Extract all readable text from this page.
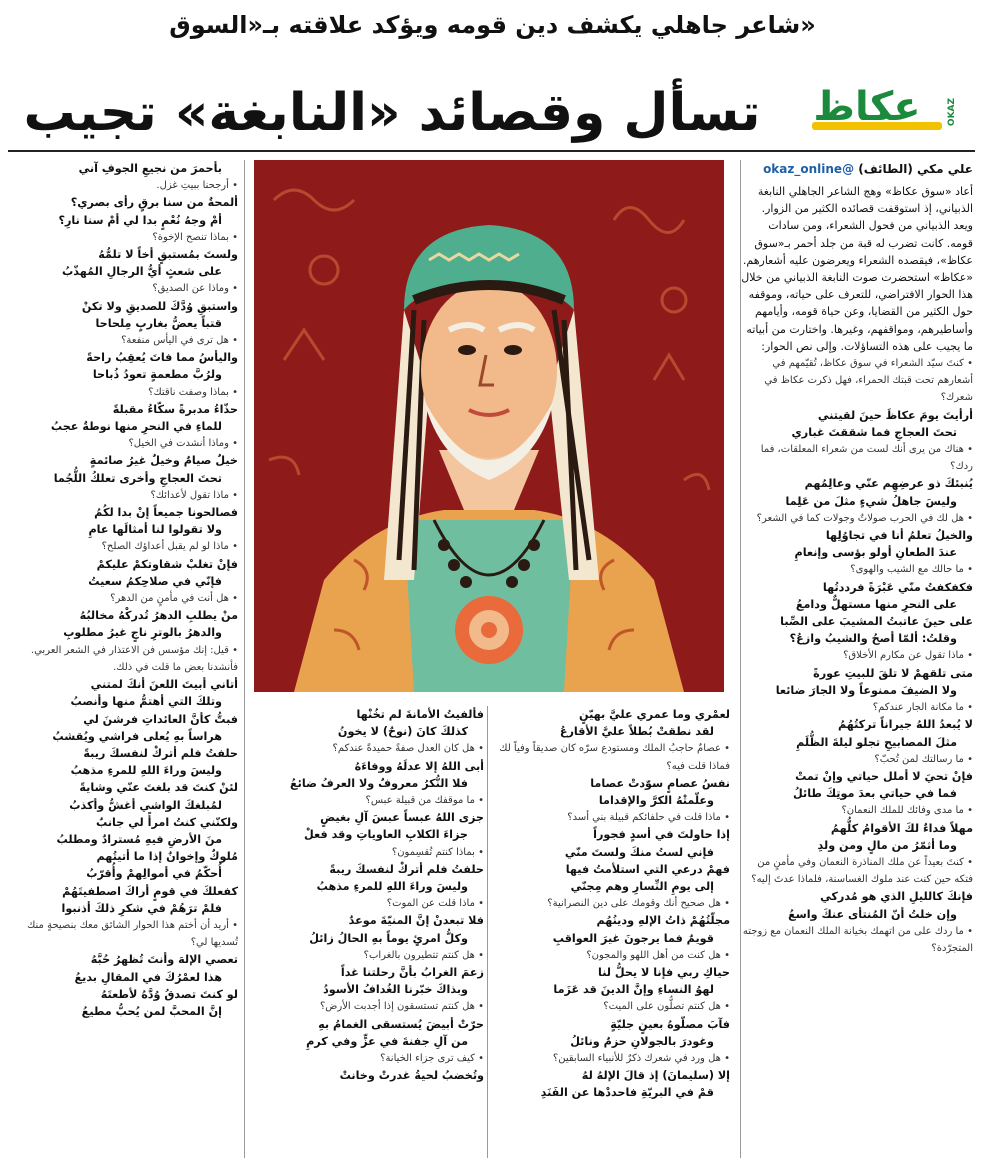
شاعر جاهلي يكشف دين قومه ويؤكد علاقته بـ«السوق»
تسأل وقصائد «النابغة» تجيب عكاظ	OKAZ
علي مكي (الطائف) @okaz_online

أعاد «سوق عكاظ» وهج الشاعر الجاهلي النابغة الذبياني، إذ استوقفت قصائده الكثير من الزوار. ويعد الذبياني من فحول الشعراء، ومن سادات قومه. كانت تضرب له قبة من جلد أحمر بـ«سوق عكاظ»، فيقصده الشعراء ويعرضون عليه أشعارهم.

«عكاظ» استحضرت صوت النابغة الذبياني من خلال هذا الحوار الافتراضي، للتعرف على حياته، وموقفه حول الكثير من القضايا، وعن حياة قومه، وأيامهم وأساطيرهم، ومواقفهم، وغيرها. واختارت من أبياته ما يجيب على هذه التساؤلات. وإلى نص الحوار:

• كنتَ سيّد الشعراء في سوق عكاظ، تُقيّمهم في أشعارهم تحت قبتك الحمراء، فهل ذكرت عكاظ في شعرك؟

أرأيتَ يومَ عكاظَ حينَ لقيتني

تحتَ العجاجِ فما شققتَ غباري

• هناك من يرى أنك لست من شعراء المعلقات، فما ردك؟

يُنبئكَ ذو عرضِهِم عنّي وعالِمُهم

وليسَ جاهلُ شيءٍ مثلَ من عَلِما

• هل لك في الحرب صولاتٌ وجولات كما في الشعر؟

والخيلُ تعلمُ أنا في تجاوُلِها

عندَ الطعانِ أولو بؤسى وإنعامِ

• ما حالك مع الشيب والهوى؟

فكفكفتُ منّي عَبْرَةً فرددتُها

على النحرِ منها مستهلٌّ ودامعُ

على حينَ عاتبتُ المشيبَ على الصِّبا

وقلتُ: ألمّا أصحُ والشيبُ وازعُ؟

• ماذا تقول عن مكارم الأخلاق؟

متى تلقهمْ لا تلقَ للبيتِ عورةً

ولا الضيفَ ممنوعاً ولا الجارَ ضائعا

• ما مكانة الجار عندكم؟

لا يُبعدُ اللهُ جيراناً تركتُهُمُ

مثلَ المصابيحِ تجلو ليلةَ الظُّلَمِ

• ما رسالتك لمن تُحبّ؟

فإنْ تحيَ لا أملل حياتي وإنْ تمتْ

فما في حياتي بعدَ موتِكَ طائلُ

• ما مدى وفائك للملك النعمان؟

مهلاً فداءٌ لكَ الأقوامُ كلُّهمُ

وما أثمّرُ من مالٍ ومن ولدِ

• كنتَ بعيداً عن ملك المناذرة النعمان وفي مأمنٍ من فتكه حين كنت عند ملوك الغساسنة، فلماذا عدتَ إليه؟

فإنكَ كالليلِ الذي هو مُدركي

وإن خلتُ أنّ المُنتأى عنكَ واسعُ

• ما ردك على من اتهمك بخيانة الملك النعمان مع زوجته المتجرّدة؟

لعمْري وما عمري عليَّ بهيّنٍ

لقد نطقتْ بُطلاً عليَّ الأقارعُ

• عصامٌ حاجبُ الملك ومستودع سرّه كان صديقاً وفياً لك فماذا قلت فيه؟

نفسُ عصامٍ سوّدتْ عصاما

وعلّمتْهُ الكرَّ والإقداما

• ماذا قلت في حلفائكم قبيلة بني أسد؟

إذا حاولتَ في أسدٍ فجوراً

فإني لستُ منكَ ولستَ منّي

فهمْ درعي التي استلأمتُ فيها

إلى يومِ النِّسارِ وهم مِجنّي

• هل صحيح أنك وقومك على دين النصرانية؟

مجلّتُهُمْ ذاتُ الإلهِ ودينُهُم

قويمٌ فما يرجونَ غيرَ العواقبِ

• هل كنت من أهل اللهو والمجون؟

حياكِ ربي فإنا لا يحلُّ لنا

لهوُ النساءِ وإنَّ الدينَ قد عَزَما

• هل كنتم تصلُّون على الميت؟

فآبَ مصلّوهُ بعينٍ جليّةٍ

وغودرَ بالجولانِ حزمٌ ونائلُ

• هل ورد في شعرك ذكرٌ للأنبياء السابقين؟

إلا (سليمانَ) إذ قالَ الإلهُ لهُ

قمْ في البريّةِ فاحددْها عن الفَنَدِ

فألفيتُ الأمانةَ لم تخُنْها

كذلكَ كانَ (نوحٌ) لا يخونُ

• هل كان العدل صفةً حميدةً عندكم؟

أبى اللهُ إلا عدلَهُ ووفاءَهُ

فلا النُّكرُ معروفٌ ولا العرفُ ضائعُ

• ما موقفك من قبيلة عبس؟

جزى اللهُ عبساً عبسَ آلِ بغيضٍ

جزاءَ الكلابِ العاوياتِ وقد فعلْ

• بماذا كنتم تُقسِمون؟

حلفتُ فلم أتركْ لنفسكَ ريبةً

وليسَ وراءَ اللهِ للمرءِ مذهبُ

• ماذا قلت عن الموت؟

فلا تبعدنْ إنَّ المنيّةَ موعدٌ

وكلُّ امرئٍ يوماً بهِ الحالُ زائلُ

• هل كنتم تتطيرون بالغراب؟

زعمَ الغرابُ بأنَّ رحلتنا غداً

وبذاكَ خبّرنا الغُدافُ الأسودُ

• هل كنتم تستسقون إذا أجدبت الأرض؟

حرّتْ أبيضَ يُستسقى الغمامُ بهِ

من آلِ جفنةَ في عزٍّ وفي كرمِ

• كيف ترى جزاء الخيانة؟

وتُخضبُ لحيةُ غدرتْ وخانتْ

بأحمرَ من نجيعِ الجوفِ آني

• أرجحنا ببيتِ غزل.

ألمحةٌ من سنا برقٍ رأى بصري؟

أمْ وجهُ نُعْمٍ بدا لي أمْ سنا نارِ؟

• بماذا تنصح الإخوة؟

ولستَ بمُستبقٍ أخاً لا تلمُّهُ

على شعثٍ أيُّ الرجالِ المُهذّبُ

• وماذا عن الصديق؟

واستبقِ وُدَّكَ للصديقِ ولا تكنْ

قتباً يعضُّ بغاربٍ مِلحاحا

• هل ترى في اليأس منفعة؟

واليأسُ مما فاتَ يُعقِبُ راحةً

ولرُبَّ مطعمةٍ تعودُ ذُباحا

• بماذا وصفت ناقتك؟

حذّاءُ مدبرةً سكّاءُ مقبلةً

للماءِ في النحرِ منها نوطةٌ عجبُ

• وماذا أنشدت في الخيل؟

خيلٌ صيامٌ وخيلٌ غيرُ صائمةٍ

تحتَ العجاجِ وأخرى تعلكُ اللُّجُما

• ماذا تقول لأعدائك؟

فصالحونا جميعاً إنْ بدا لكُمُ

ولا تقولوا لنا أمثالَها عامِ

• ماذا لو لم يقبل أعداؤك الصلح؟

فإنْ تغلبْ شقاوتكمْ عليكمْ

فإنّي في صلاحِكمُ سعيتُ

• هل أنت في مأمنٍ من الدهر؟

منْ يطلبِ الدهرُ تُدركْهُ مخالبُهُ

والدهرُ بالوترِ ناجٍ غيرُ مطلوبِ

• قيل: إنك مؤسس فن الاعتذار في الشعر العربي. فأنشدنا بعض ما قلت في ذلك.

أتاني أبيتَ اللعنَ أنكَ لمتني

وتلكَ التي أهتمُّ منها وأنصبُ

فبتُّ كأنَّ العائداتِ فرشنَ لي

هراساً بهِ يُعلى فراشي ويُقشبُ

حلفتُ فلم أتركْ لنفسكَ ريبةً

وليسَ وراءَ اللهِ للمرءِ مذهبُ

لئنْ كنتَ قد بلغتَ عنّي وشايةً

لمُبلغكَ الواشي أغشُّ وأكذبُ

ولكنّني كنتُ امرأً لي جانبٌ

منَ الأرضِ فيهِ مُسترادٌ ومطلبُ

مُلوكٌ وإخوانٌ إذا ما أتيتُهم

أُحكّمُ في أموالِهمْ وأُقرّبُ

كفعلكَ في قومٍ أراكَ اصطفيتَهُمْ

فلمْ ترَهُمْ في شكرِ ذلكَ أذنبوا

• أريد أن أختم هذا الحوار الشائق معك بنصيحةٍ منك تُسديها لي؟

تعصي الإلهَ وأنتَ تُظهرُ حُبَّهُ

هذا لعمْرُكَ في المقالِ بديعُ

لو كنتَ تصدقُ وُدَّهُ لأطعتَهُ

إنَّ المحبَّ لمن يُحبُّ مطيعُ
